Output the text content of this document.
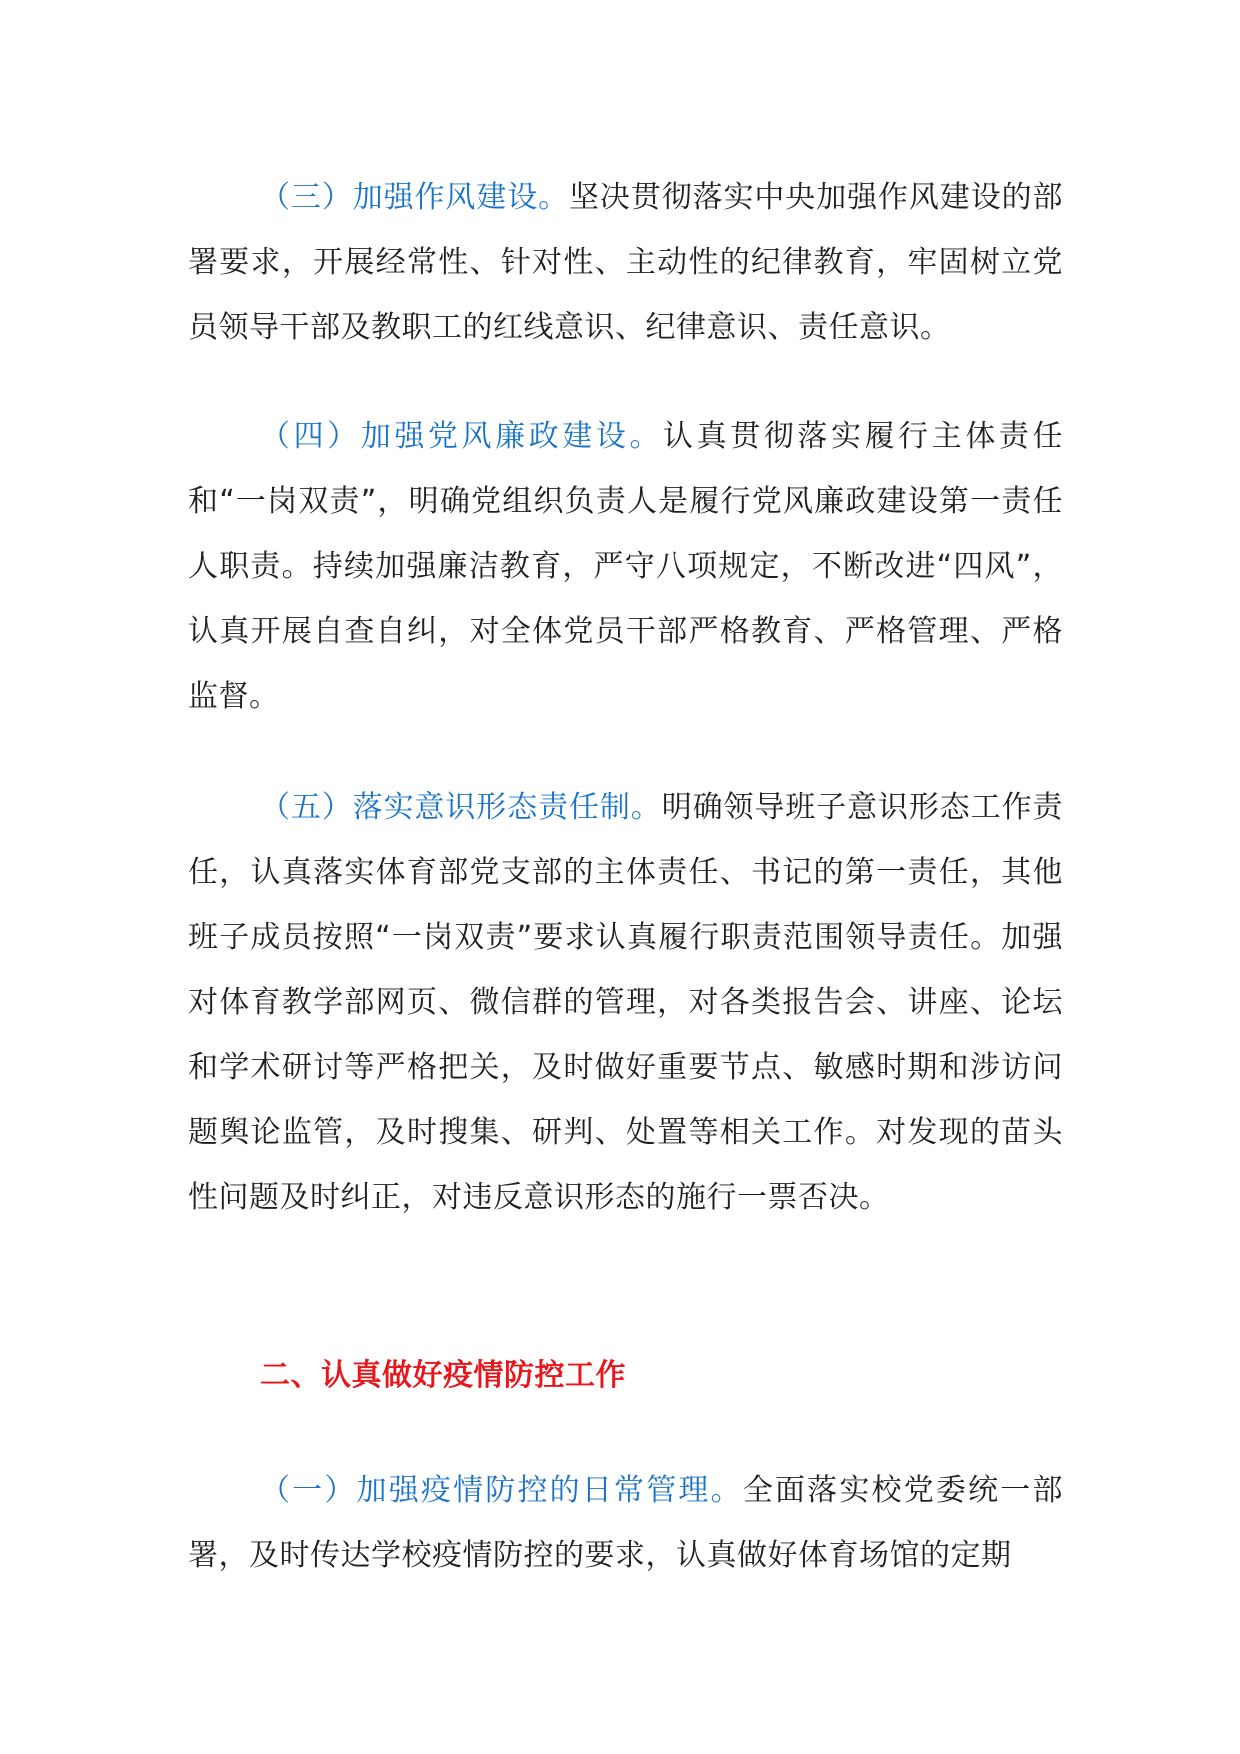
（三）加强作风建设。坚决贯彻落实中央加强作风建设的部署要求，开展经常性、针对性、主动性的纪律教育，牢固树立党员领导干部及教职工的红线意识、纪律意识、责任意识。

（四）加强党风廉政建设。认真贯彻落实履行主体责任和“一岗双责”，明确党组织负责人是履行党风廉政建设第一责任人职责。持续加强廉洁教育，严守八项规定，不断改进“四风”，认真开展自查自纠，对全体党员干部严格教育、严格管理、严格监督。

（五）落实意识形态责任制。明确领导班子意识形态工作责任，认真落实体育部党支部的主体责任、书记的第一责任，其他班子成员按照“一岗双责”要求认真履行职责范围领导责任。加强对体育教学部网页、微信群的管理，对各类报告会、讲座、论坛和学术研讨等严格把关，及时做好重要节点、敏感时期和涉访问题舆论监管，及时搜集、研判、处置等相关工作。对发现的苗头性问题及时纠正，对违反意识形态的施行一票否决。

二、认真做好疫情防控工作

（一）加强疫情防控的日常管理。全面落实校党委统一部署，及时传达学校疫情防控的要求，认真做好体育场馆的定期
